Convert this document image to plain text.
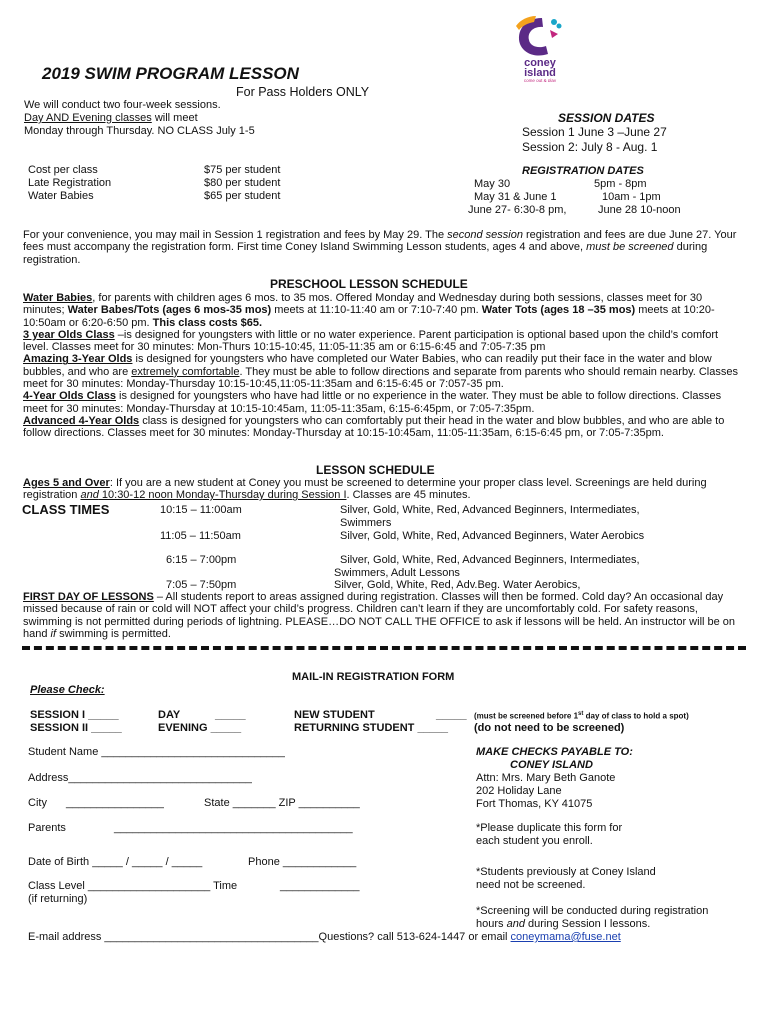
coney
island
come out & play
2019 SWIM PROGRAM LESSON
For Pass Holders ONLY
We will conduct two four-week sessions.
Day AND Evening classes will meet
Monday through Thursday. NO CLASS July 1-5
Cost per class	$75 per student
Late Registration	$80 per student
Water Babies	$65 per student
SESSION DATES
Session 1 June 3 –June 27
Session 2: July 8 - Aug. 1
REGISTRATION DATES
May 30	5pm - 8pm
May 31 & June 1	10am - 1pm
June 27- 6:30-8 pm,	June 28 10-noon
For your convenience, you may mail in Session 1 registration and fees by May 29. The second session registration and fees are due June 27. Your fees must accompany the registration form. First time Coney Island Swimming Lesson students, ages 4 and above, must be screened during registration.
PRESCHOOL LESSON SCHEDULE
Water Babies, for parents with children ages 6 mos. to 35 mos. Offered Monday and Wednesday during both sessions, classes meet for 30 minutes; Water Babes/Tots (ages 6 mos-35 mos) meets at 11:10-11:40 am or 7:10-7:40 pm. Water Tots (ages 18 –35 mos) meets at 10:20-10:50am or 6:20-6:50 pm. This class costs $65.
3 year Olds Class –is designed for youngsters with little or no water experience. Parent participation is optional based upon the child’s comfort level. Classes meet for 30 minutes: Mon-Thurs 10:15-10:45, 11:05-11:35 am or 6:15-6:45 and 7:05-7:35 pm
Amazing 3-Year Olds is designed for youngsters who have completed our Water Babies, who can readily put their face in the water and blow bubbles, and who are extremely comfortable. They must be able to follow directions and separate from parents who should remain nearby. Classes meet for 30 minutes: Monday-Thursday 10:15-10:45,11:05-11:35am and 6:15-6:45 or 7:057-35 pm.
4-Year Olds Class is designed for youngsters who have had little or no experience in the water. They must be able to follow directions. Classes meet for 30 minutes: Monday-Thursday at 10:15-10:45am, 11:05-11:35am, 6:15-6:45pm, or 7:05-7:35pm.
Advanced 4-Year Olds class is designed for youngsters who can comfortably put their head in the water and blow bubbles, and who are able to follow directions. Classes meet for 30 minutes: Monday-Thursday at 10:15-10:45am, 11:05-11:35am, 6:15-6:45 pm, or 7:05-7:35pm.
LESSON SCHEDULE
Ages 5 and Over: If you are a new student at Coney you must be screened to determine your proper class level. Screenings are held during registration and 10:30-12 noon Monday-Thursday during Session I. Classes are 45 minutes.
CLASS TIMES	10:15 – 11:00am	Silver, Gold, White, Red, Advanced Beginners, Intermediates,
Swimmers
11:05 – 11:50am	Silver, Gold, White, Red, Advanced Beginners, Water Aerobics
6:15 – 7:00pm	Silver, Gold, White, Red, Advanced Beginners, Intermediates,
Swimmers, Adult Lessons
7:05 – 7:50pm	Silver, Gold, White, Red, Adv.Beg. Water Aerobics,
FIRST DAY OF LESSONS – All students report to areas assigned during registration. Classes will then be formed. Cold day? An occasional day missed because of rain or cold will NOT affect your child’s progress. Children can’t learn if they are uncomfortably cold. For safety reasons, swimming is not permitted during periods of lightning. PLEASE…DO NOT CALL THE OFFICE to ask if lessons will be held. An instructor will be on hand if swimming is permitted.
MAIL-IN REGISTRATION FORM
Please Check:
SESSION I _____
SESSION II _____
DAY	_____
EVENING _____
NEW STUDENT	_____ (must be screened before 1st day of class to hold a spot)
RETURNING STUDENT _____ (do not need to be screened)
Student Name ______________________________
Address______________________________
City ________________	State _______ ZIP __________
Parents	_______________________________________
Date of Birth _____ / _____ / _____	Phone ____________
Class Level ____________________ Time	_____________
(if returning)
E-mail address ___________________________________Questions? call 513-624-1447 or email coneymama@fuse.net
MAKE CHECKS PAYABLE TO:
CONEY ISLAND
Attn: Mrs. Mary Beth Ganote
202 Holiday Lane
Fort Thomas, KY 41075
*Please duplicate this form for
each student you enroll.
*Students previously at Coney Island
need not be screened.
*Screening will be conducted during registration
hours and during Session I lessons.
